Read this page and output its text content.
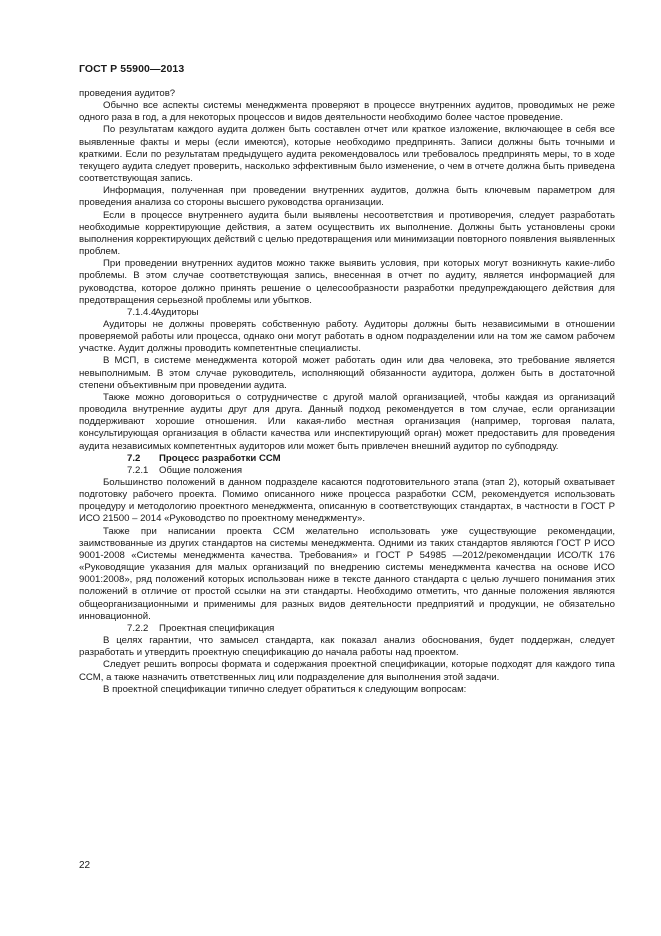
ГОСТ Р 55900—2013

проведения аудитов?

Обычно все аспекты системы менеджмента проверяют в процессе внутренних аудитов, проводимых не реже одного раза в год, а для некоторых процессов и видов деятельности необходимо более частое проведение.

По результатам каждого аудита должен быть составлен отчет или краткое изложение, включающее в себя все выявленные факты и меры (если имеются), которые необходимо предпринять. Записи должны быть точными и краткими. Если по результатам предыдущего аудита рекомендовалось или требовалось предпринять меры, то в ходе текущего аудита следует проверить, насколько эффективным было изменение, о чем в отчете должна быть приведена соответствующая запись.

Информация, полученная при проведении внутренних аудитов, должна быть ключевым параметром для проведения анализа со стороны высшего руководства организации.

Если в процессе внутреннего аудита были выявлены несоответствия и противоречия, следует разработать необходимые корректирующие действия, а затем осуществить их выполнение. Должны быть установлены сроки выполнения корректирующих действий с целью предотвращения или минимизации повторного появления выявленных проблем.

При проведении внутренних аудитов можно также выявить условия, при которых могут возникнуть какие-либо проблемы. В этом случае соответствующая запись, внесенная в отчет по аудиту, является информацией для руководства, которое должно принять решение о целесообразности разработки предупреждающего действия для предотвращения серьезной проблемы или убытков.

7.1.4.4Аудиторы

Аудиторы не должны проверять собственную работу. Аудиторы должны быть независимыми в отношении проверяемой работы или процесса, однако они могут работать в одном подразделении или на том же самом рабочем участке. Аудит должны проводить компетентные специалисты.

В МСП, в системе менеджмента которой может работать один или два человека, это требование является невыполнимым. В этом случае руководитель, исполняющий обязанности аудитора, должен быть в достаточной степени объективным при проведении аудита.

Также можно договориться о сотрудничестве с другой малой организацией, чтобы каждая из организаций проводила внутренние аудиты друг для друга. Данный подход рекомендуется в том случае, если организации поддерживают хорошие отношения. Или какая-либо местная организация (например, торговая палата, консультирующая организация в области качества или инспектирующий орган) может предоставить для проведения аудита независимых компетентных аудиторов или может быть привлечен внешний аудитор по субподряду.

7.2 Процесс разработки ССМ

7.2.1 Общие положения

Большинство положений в данном подразделе касаются подготовительного этапа (этап 2), который охватывает подготовку рабочего проекта. Помимо описанного ниже процесса разработки ССМ, рекомендуется использовать процедуру и методологию проектного менеджмента, описанную в соответствующих стандартах, в частности в ГОСТ Р ИСО 21500 – 2014 «Руководство по проектному менеджменту».

Также при написании проекта ССМ желательно использовать уже существующие рекомендации, заимствованные из других стандартов на системы менеджмента. Одними из таких стандартов являются ГОСТ Р ИСО 9001-2008 «Системы менеджмента качества. Требования» и ГОСТ Р 54985 —2012/рекомендации ИСО/ТК 176 «Руководящие указания для малых организаций по внедрению системы менеджмента качества на основе ИСО 9001:2008», ряд положений которых использован ниже в тексте данного стандарта с целью лучшего понимания этих положений в отличие от простой ссылки на эти стандарты. Необходимо отметить, что данные положения являются общеорганизационными и применимы для разных видов деятельности предприятий и продукции, не обязательно инновационной.

7.2.2 Проектная спецификация

В целях гарантии, что замысел стандарта, как показал анализ обоснования, будет поддержан, следует разработать и утвердить проектную спецификацию до начала работы над проектом.

Следует решить вопросы формата и содержания проектной спецификации, которые подходят для каждого типа ССМ, а также назначить ответственных лиц или подразделение для выполнения этой задачи.

В проектной спецификации типично следует обратиться к следующим вопросам:

22
